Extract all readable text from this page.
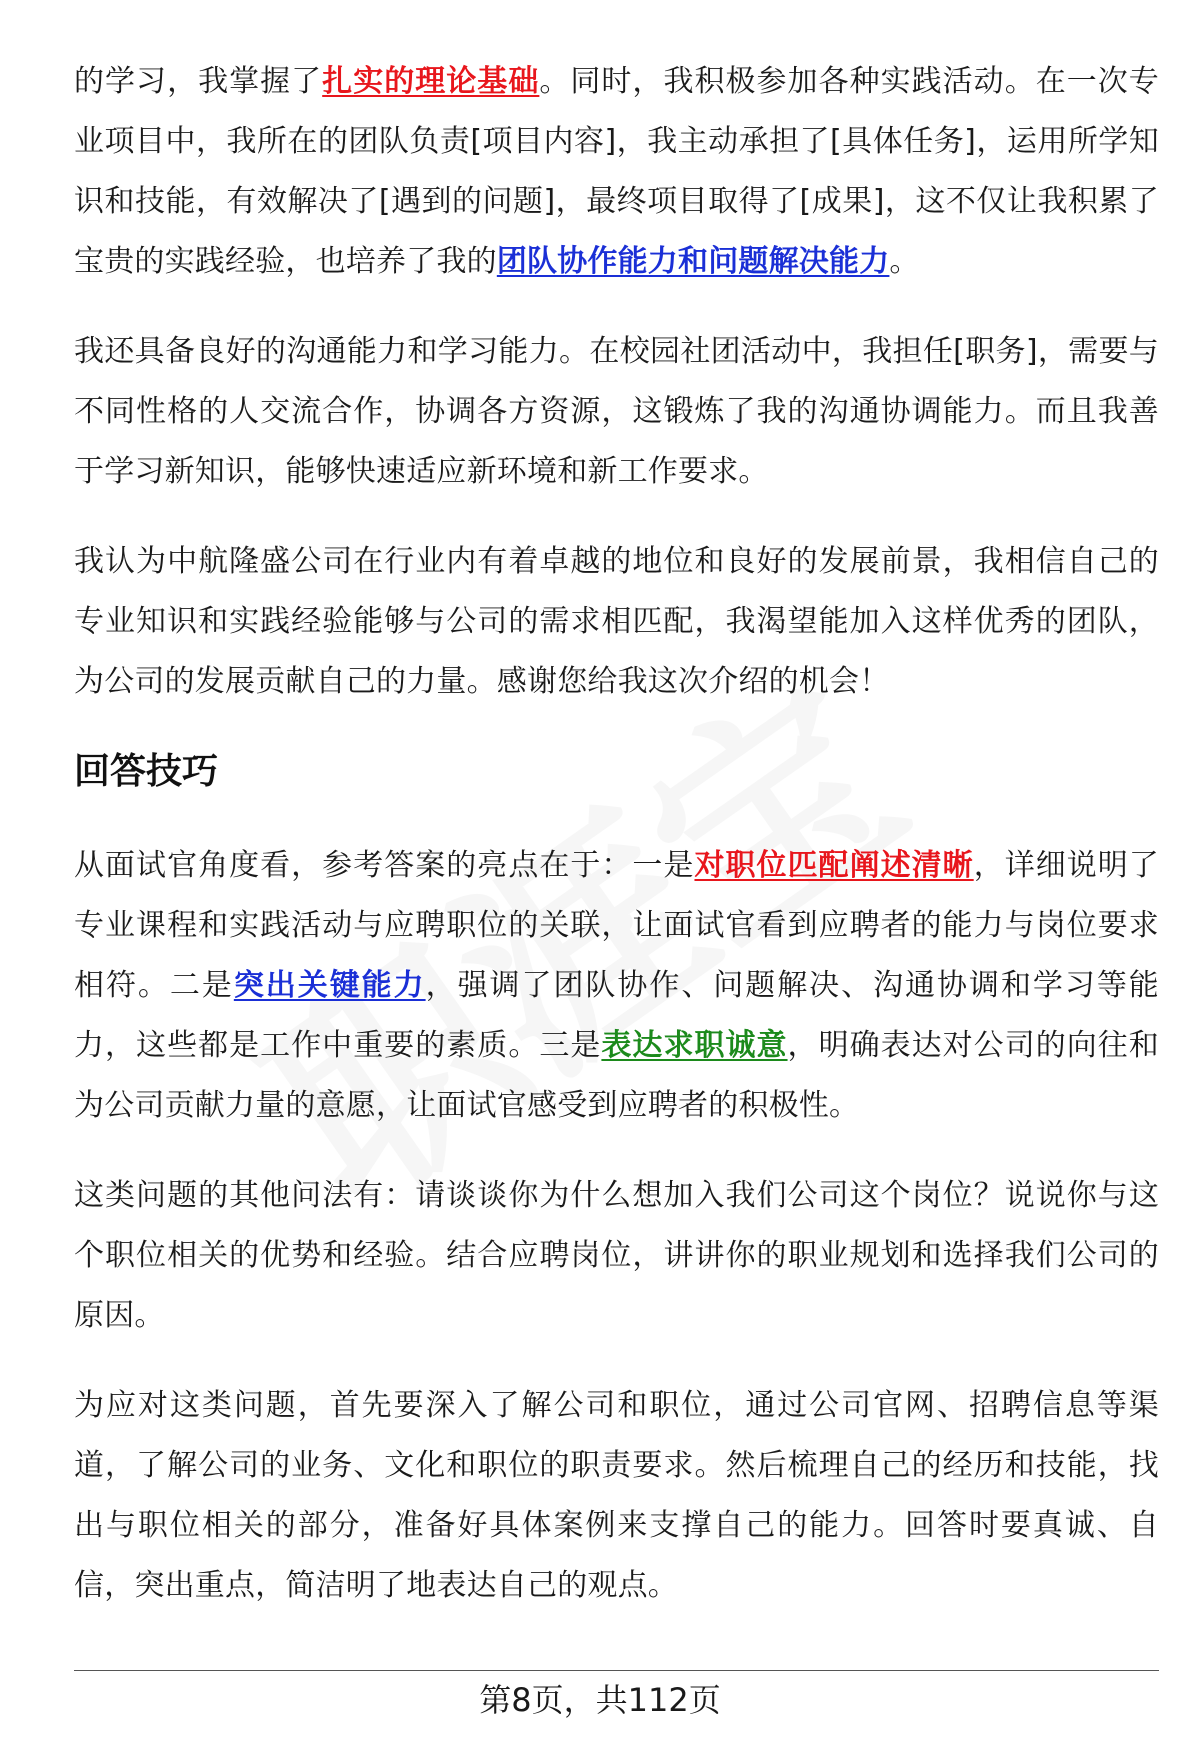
的学习，我掌握了扎实的理论基础。同时，我积极参加各种实践活动。在一次专业项目中，我所在的团队负责[项目内容]，我主动承担了[具体任务]，运用所学知识和技能，有效解决了[遇到的问题]，最终项目取得了[成果]，这不仅让我积累了宝贵的实践经验，也培养了我的团队协作能力和问题解决能力。

我还具备良好的沟通能力和学习能力。在校园社团活动中，我担任[职务]，需要与不同性格的人交流合作，协调各方资源，这锻炼了我的沟通协调能力。而且我善于学习新知识，能够快速适应新环境和新工作要求。

我认为中航隆盛公司在行业内有着卓越的地位和良好的发展前景，我相信自己的专业知识和实践经验能够与公司的需求相匹配，我渴望能加入这样优秀的团队，为公司的发展贡献自己的力量。感谢您给我这次介绍的机会！

回答技巧

从面试官角度看，参考答案的亮点在于：一是对职位匹配阐述清晰，详细说明了专业课程和实践活动与应聘职位的关联，让面试官看到应聘者的能力与岗位要求相符。二是突出关键能力，强调了团队协作、问题解决、沟通协调和学习等能力，这些都是工作中重要的素质。三是表达求职诚意，明确表达对公司的向往和为公司贡献力量的意愿，让面试官感受到应聘者的积极性。

这类问题的其他问法有：请谈谈你为什么想加入我们公司这个岗位？说说你与这个职位相关的优势和经验。结合应聘岗位，讲讲你的职业规划和选择我们公司的原因。

为应对这类问题，首先要深入了解公司和职位，通过公司官网、招聘信息等渠道，了解公司的业务、文化和职位的职责要求。然后梳理自己的经历和技能，找出与职位相关的部分，准备好具体案例来支撑自己的能力。回答时要真诚、自信，突出重点，简洁明了地表达自己的观点。

第8页，共112页
